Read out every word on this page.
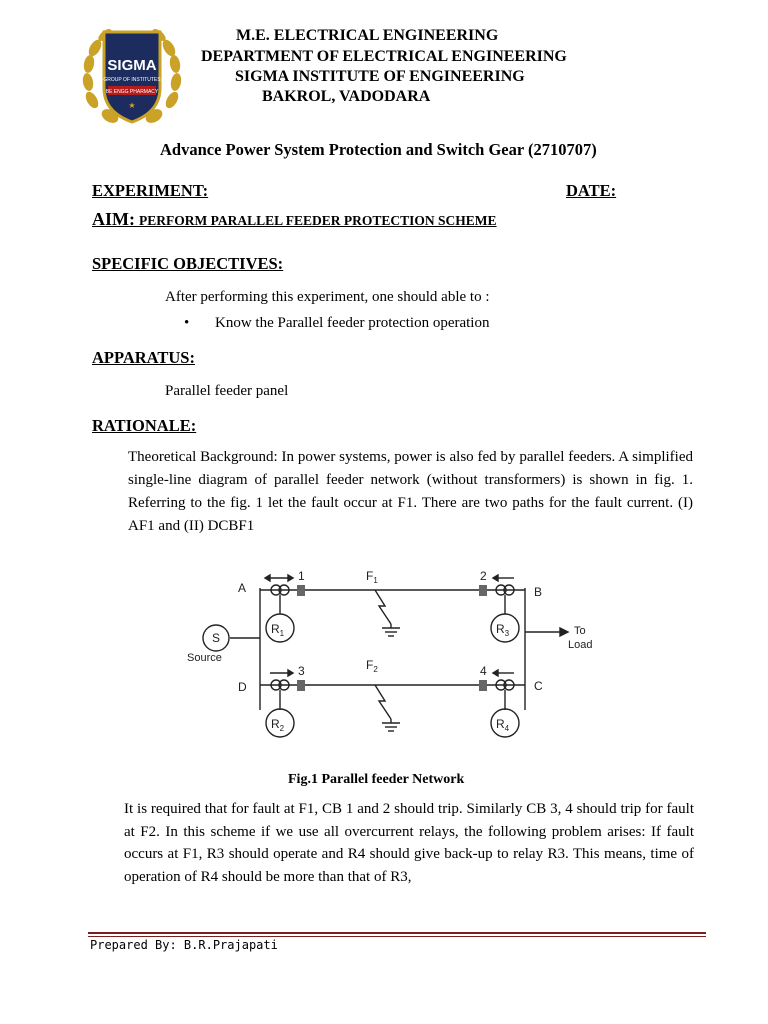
SIGMA
GROUP OF INSTITUTES
BE ENGG PHARMACY
★
M.E. ELECTRICAL ENGINEERING
DEPARTMENT OF ELECTRICAL ENGINEERING
SIGMA INSTITUTE OF ENGINEERING
BAKROL, VADODARA
Advance Power System Protection and Switch Gear (2710707)
EXPERIMENT:	DATE:
AIM: PERFORM PARALLEL FEEDER PROTECTION SCHEME
SPECIFIC OBJECTIVES:
After performing this experiment, one should able to :
• Know the Parallel feeder protection operation
APPARATUS:
Parallel feeder panel
RATIONALE:
Theoretical Background: In power systems, power is also fed by parallel feeders. A simplified single-line diagram of parallel feeder network (without transformers) is shown in fig. 1. Referring to the fig. 1 let the fault occur at F1. There are two paths for the fault current. (I) AF1 and (II) DCBF1
A	B
C
D
1	2
3	4
$F_1$
$F_2$
$R_1$	$R_3$
$R_2$	$R_4$
S
Source
To
Load
Fig.1 Parallel feeder Network
It is required that for fault at F1, CB 1 and 2 should trip. Similarly CB 3, 4 should trip for fault at F2. In this scheme if we use all overcurrent relays, the following problem arises: If fault occurs at F1, R3 should operate and R4 should give back-up to relay R3. This means, time of operation of R4 should be more than that of R3,
Prepared By: B.R.Prajapati
